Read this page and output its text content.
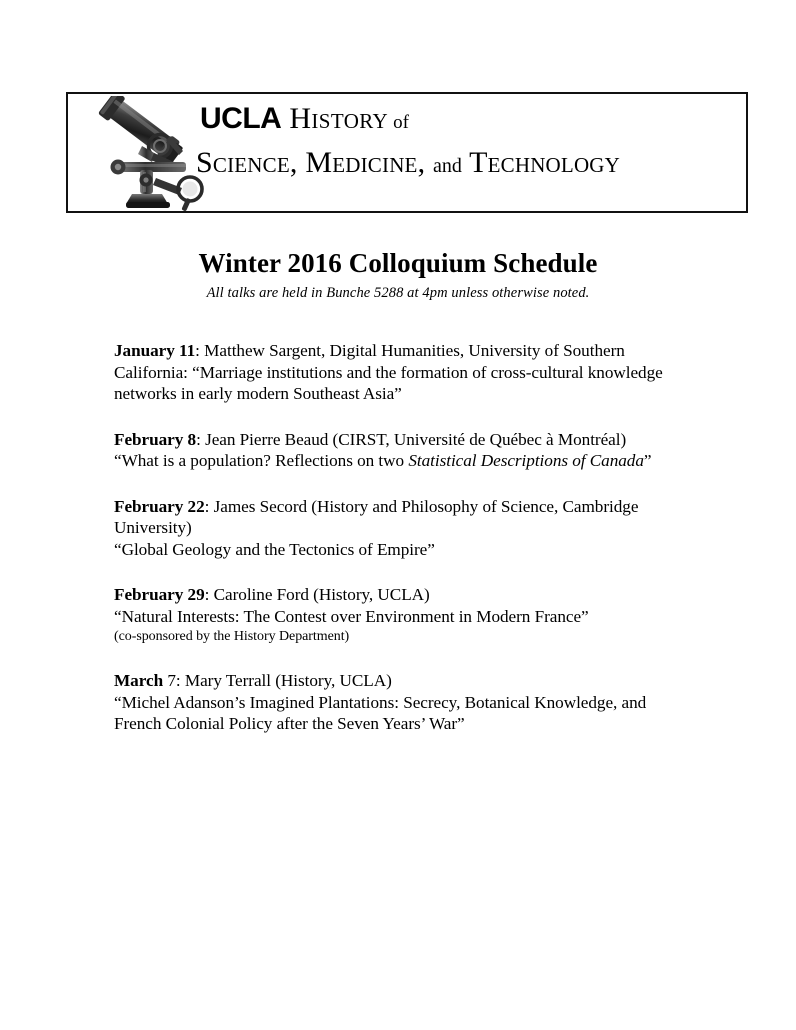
UCLA History of
Science, Medicine, and Technology
Winter 2016 Colloquium Schedule
All talks are held in Bunche 5288 at 4pm unless otherwise noted.
January 11: Matthew Sargent, Digital Humanities, University of Southern California: “Marriage institutions and the formation of cross-cultural knowledge networks in early modern Southeast Asia”
February 8: Jean Pierre Beaud (CIRST, Université de Québec à Montréal)
“What is a population? Reflections on two Statistical Descriptions of Canada”
February 22: James Secord (History and Philosophy of Science, Cambridge University)
“Global Geology and the Tectonics of Empire”
February 29: Caroline Ford (History, UCLA)
“Natural Interests: The Contest over Environment in Modern France”
(co-sponsored by the History Department)
March 7: Mary Terrall (History, UCLA)
“Michel Adanson’s Imagined Plantations: Secrecy, Botanical Knowledge, and French Colonial Policy after the Seven Years’ War”
